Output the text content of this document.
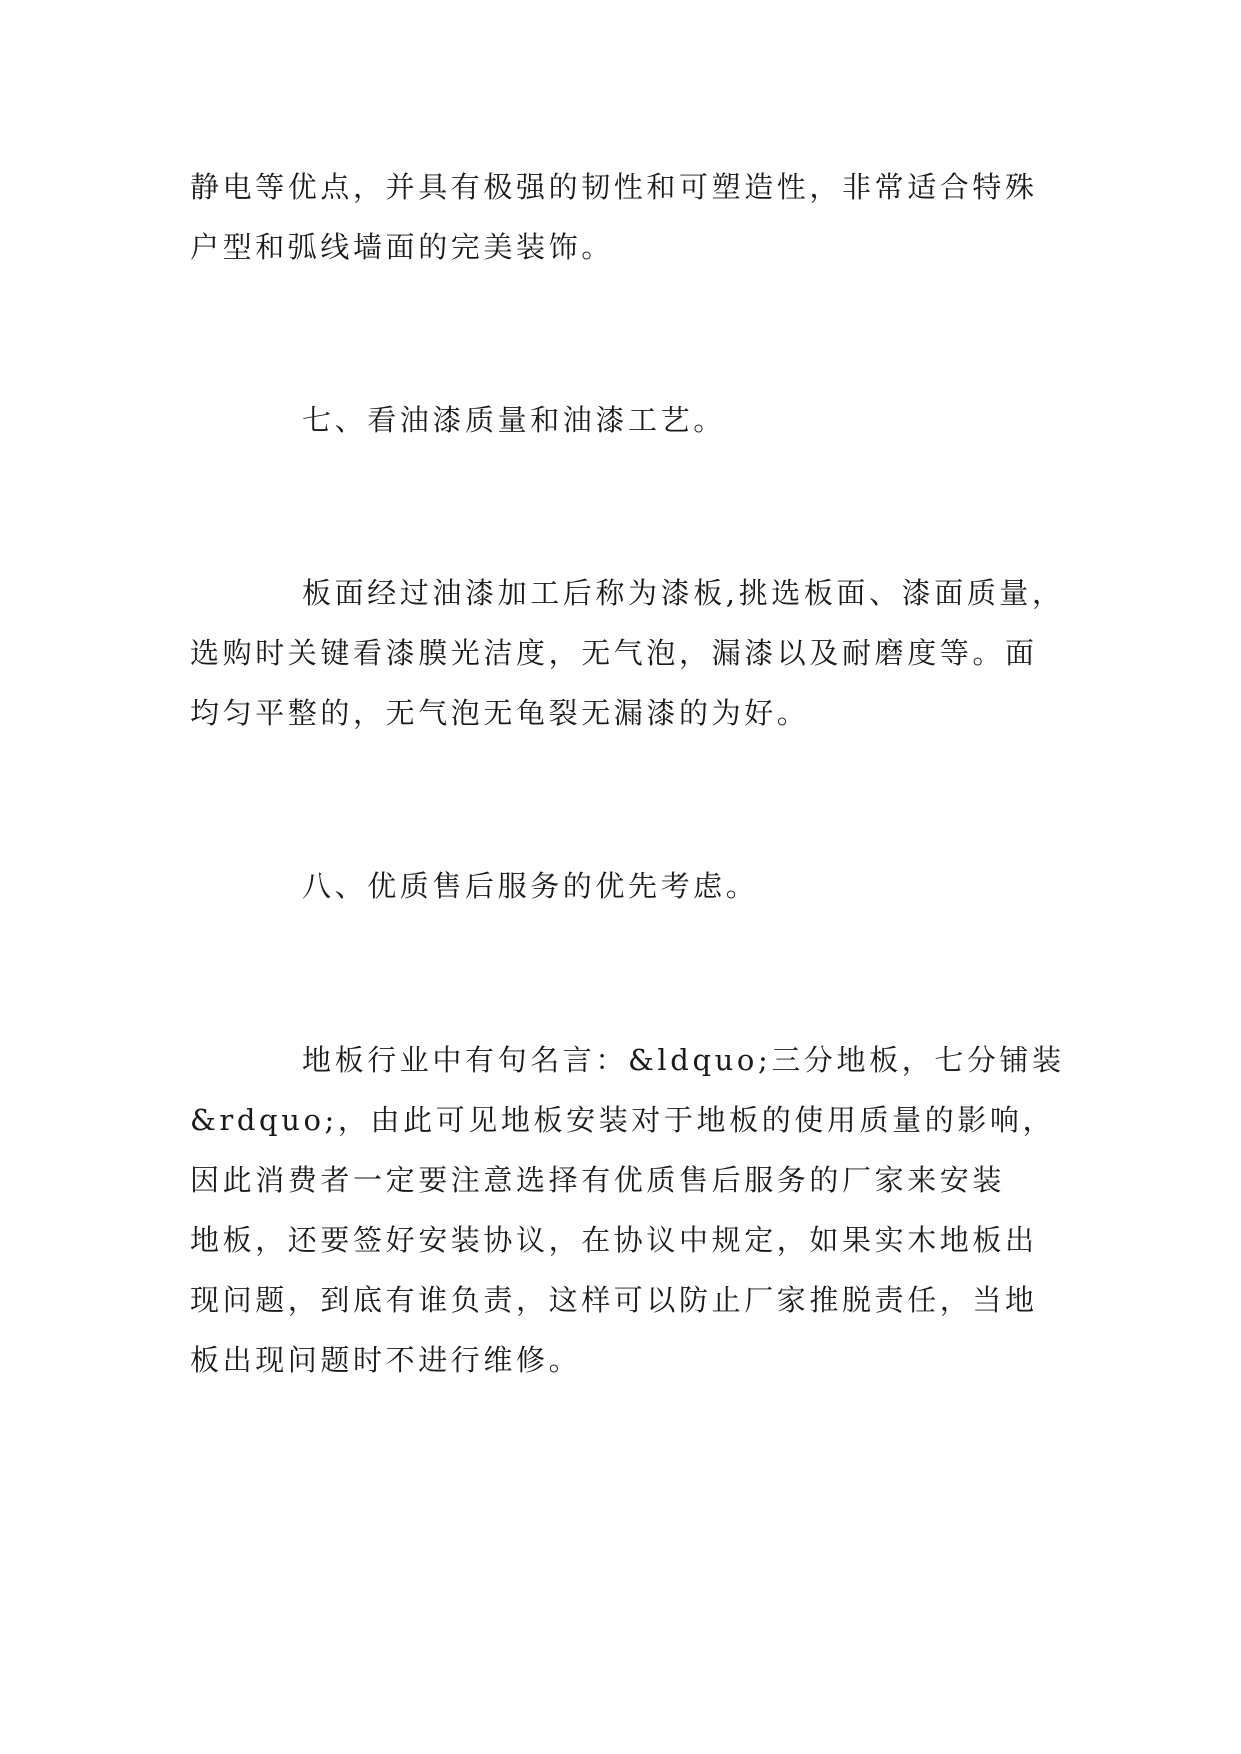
静电等优点，并具有极强的韧性和可塑造性，非常适合特殊
户型和弧线墙面的完美装饰。
七、看油漆质量和油漆工艺。
板面经过油漆加工后称为漆板,挑选板面、漆面质量，
选购时关键看漆膜光洁度，无气泡，漏漆以及耐磨度等。面
均匀平整的，无气泡无龟裂无漏漆的为好。
八、优质售后服务的优先考虑。
地板行业中有句名言：&ldquo;三分地板，七分铺装
&rdquo;，由此可见地板安装对于地板的使用质量的影响，
因此消费者一定要注意选择有优质售后服务的厂家来安装
地板，还要签好安装协议，在协议中规定，如果实木地板出
现问题，到底有谁负责，这样可以防止厂家推脱责任，当地
板出现问题时不进行维修。
